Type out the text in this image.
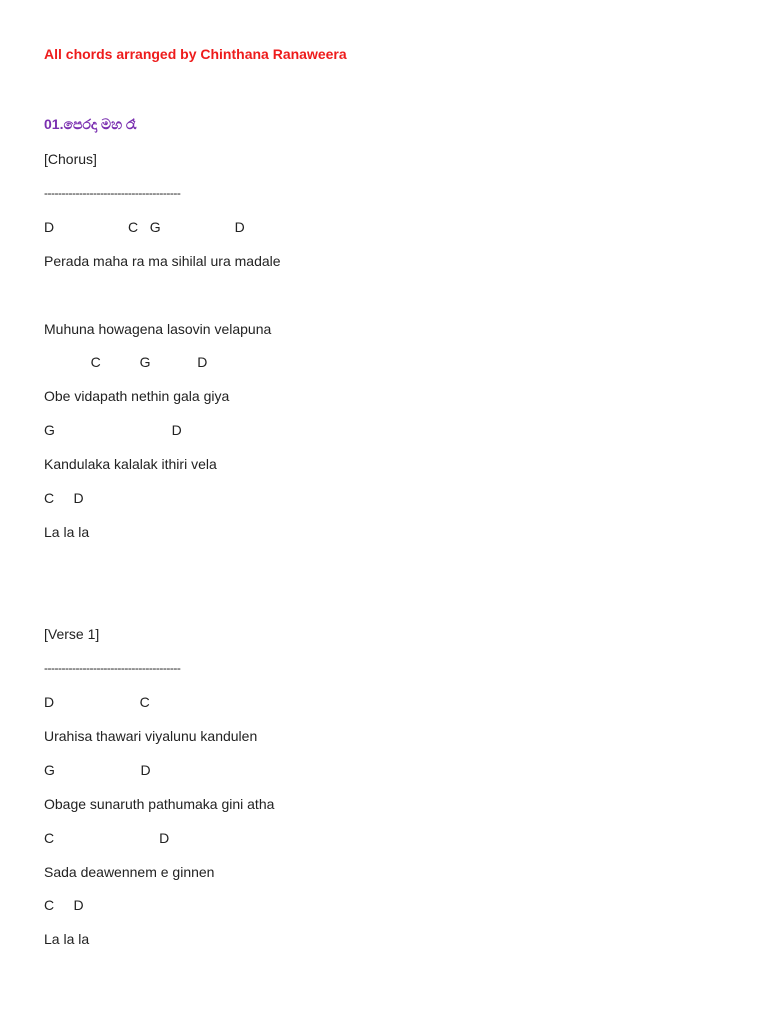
All chords arranged by Chinthana Ranaweera
01.පෙරදා මහ රෑ
[Chorus]
---------------------------------------
D                   C   G                   D
Perada maha ra ma sihilal ura madale
Muhuna howagena lasovin velapuna
C          G            D
Obe vidapath nethin gala giya
G                              D
Kandulaka kalalak ithiri vela
C     D
La la la
[Verse 1]
---------------------------------------
D                      C
Urahisa thawari viyalunu kandulen
G                      D
Obage sunaruth pathumaka gini atha
C                           D
Sada deawennem e ginnen
C     D
La la la
